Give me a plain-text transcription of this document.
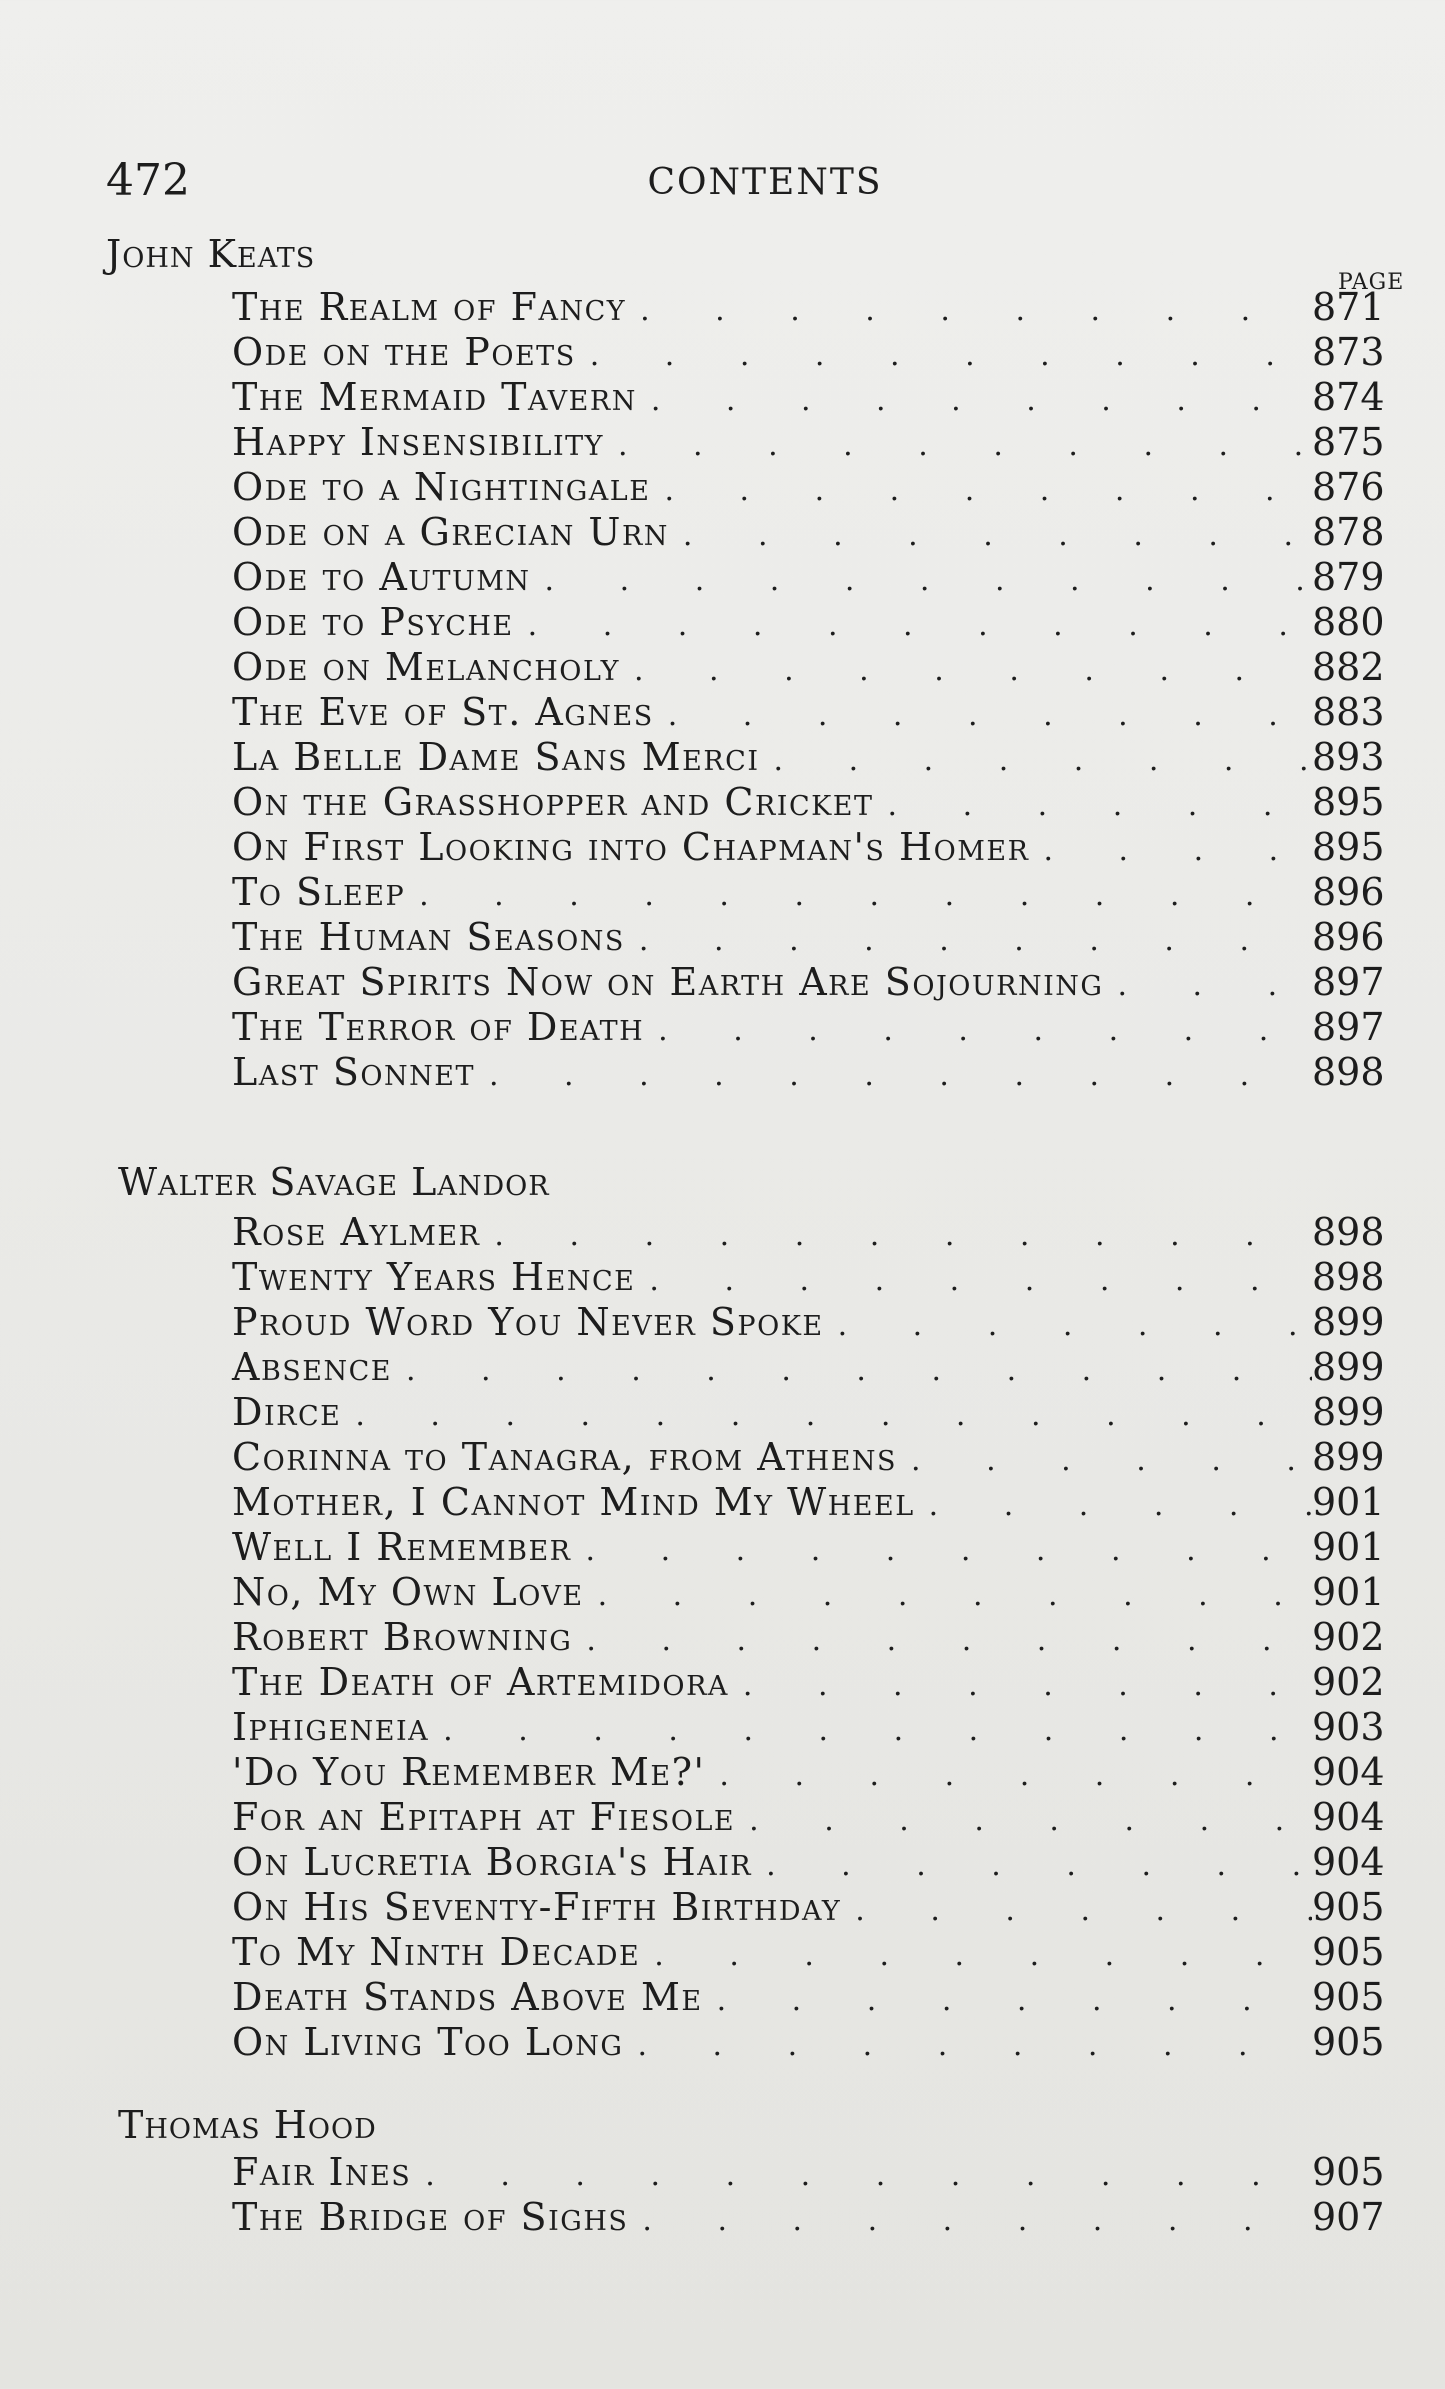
472	CONTENTS
PAGE
John Keats
The Realm of Fancy . . .	871
Ode on the Poets . . .	873
The Mermaid Tavern . . .	874
Happy Insensibility . . .	875
Ode to a Nightingale . . .	876
Ode on a Grecian Urn . . .	878
Ode to Autumn . . .	879
Ode to Psyche . . .	880
Ode on Melancholy . . .	882
The Eve of St. Agnes . . .	883
La Belle Dame Sans Merci . . .	893
On the Grasshopper and Cricket . . .	895
On First Looking into Chapman's Homer . . .	895
To Sleep . . .	896
The Human Seasons . . .	896
Great Spirits Now on Earth Are Sojourning . . .	897
The Terror of Death . . .	897
Last Sonnet . . .	898
Walter Savage Landor
Rose Aylmer . . .	898
Twenty Years Hence . . .	898
Proud Word You Never Spoke . . .	899
Absence . . .	899
Dirce . . .	899
Corinna to Tanagra, from Athens . . .	899
Mother, I Cannot Mind My Wheel . . .	901
Well I Remember . . .	901
No, My Own Love . . .	901
Robert Browning . . .	902
The Death of Artemidora . . .	902
Iphigeneia . . .	903
'Do You Remember Me?' . . .	904
For an Epitaph at Fiesole . . .	904
On Lucretia Borgia's Hair . . .	904
On His Seventy-Fifth Birthday . . .	905
To My Ninth Decade . . .	905
Death Stands Above Me . . .	905
On Living Too Long . . .	905
Thomas Hood
Fair Ines . . .	905
The Bridge of Sighs . . .	907
